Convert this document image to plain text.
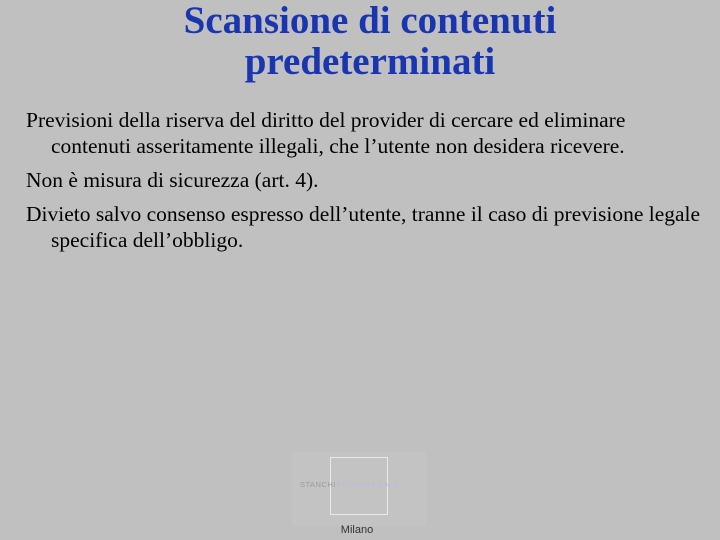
Scansione di contenuti
predeterminati

Previsioni della riserva del diritto del provider di cercare ed eliminare contenuti asseritamente illegali, che l’utente non desidera ricevere.

Non è misura di sicurezza (art. 4).

Divieto salvo consenso espresso dell’utente, tranne il caso di previsione legale specifica dell’obbligo.

STANCHISTUDIOLEGALE
Milano
